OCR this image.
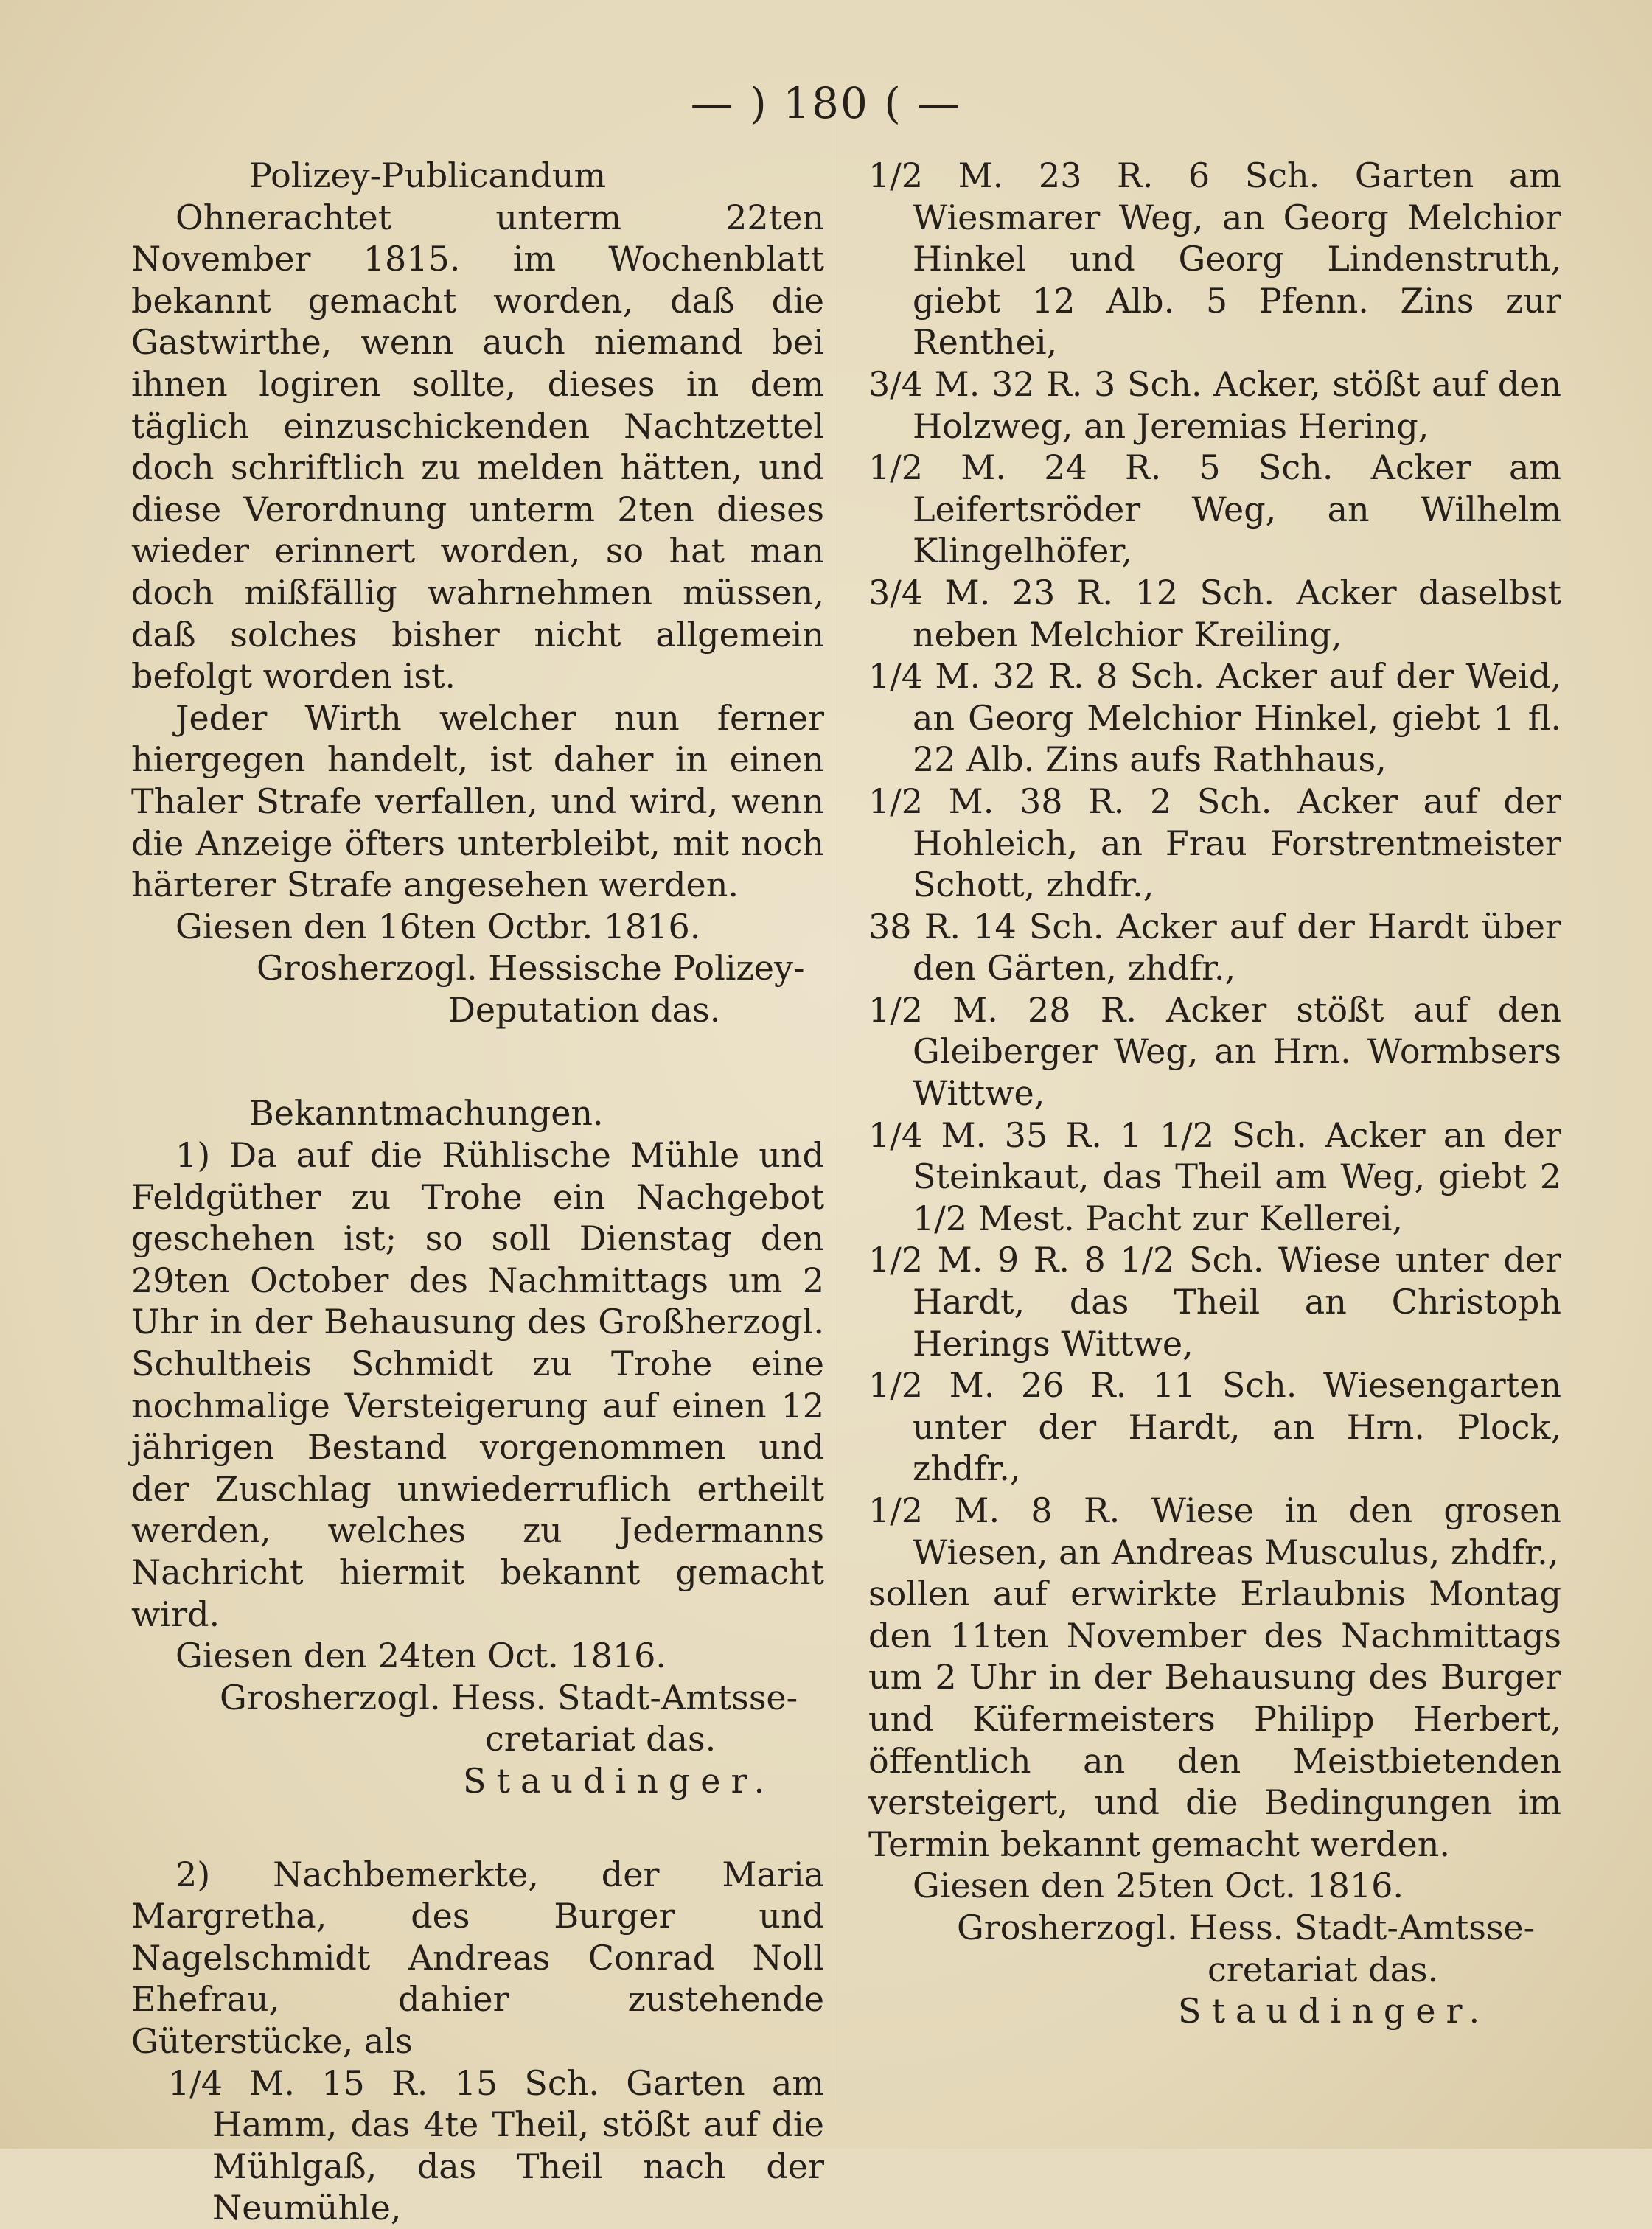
— ) 180 ( —

Polizey-Publicandum

Ohnerachtet unterm 22ten November 1815. im Wochenblatt bekannt gemacht worden, daß die Gastwirthe, wenn auch niemand bei ihnen logiren sollte, dieses in dem täglich einzuschickenden Nachtzettel doch schriftlich zu melden hätten, und diese Verordnung unterm 2ten dieses wieder erinnert worden, so hat man doch mißfällig wahrnehmen müssen, daß solches bisher nicht allgemein befolgt worden ist.

Jeder Wirth welcher nun ferner hiergegen handelt, ist daher in einen Thaler Strafe verfallen, und wird, wenn die Anzeige öfters unterbleibt, mit noch härterer Strafe angesehen werden.

Giesen den 16ten Octbr. 1816.

Grosherzogl. Hessische Polizey-

Deputation das.

Bekanntmachungen.

1) Da auf die Rühlische Mühle und Feldgüther zu Trohe ein Nachgebot geschehen ist; so soll Dienstag den 29ten October des Nachmittags um 2 Uhr in der Behausung des Großherzogl. Schultheis Schmidt zu Trohe eine nochmalige Versteigerung auf einen 12 jährigen Bestand vorgenommen und der Zuschlag unwiederruflich ertheilt werden, welches zu Jedermanns Nachricht hiermit bekannt gemacht wird.

Giesen den 24ten Oct. 1816.

Grosherzogl. Hess. Stadt-Amtsse-

cretariat das.

Staudinger.

2) Nachbemerkte, der Maria Margretha, des Burger und Nagelschmidt Andreas Conrad Noll Ehefrau, dahier zustehende Güterstücke, als

1/4 M. 15 R. 15 Sch. Garten am Hamm, das 4te Theil, stößt auf die Mühlgaß, das Theil nach der Neumühle,

1/2 M. 23 R. 6 Sch. Garten am Wiesmarer Weg, an Georg Melchior Hinkel und Georg Lindenstruth, giebt 12 Alb. 5 Pfenn. Zins zur Renthei,

3/4 M. 32 R. 3 Sch. Acker, stößt auf den Holzweg, an Jeremias Hering,

1/2 M. 24 R. 5 Sch. Acker am Leifertsröder Weg, an Wilhelm Klingelhöfer,

3/4 M. 23 R. 12 Sch. Acker daselbst neben Melchior Kreiling,

1/4 M. 32 R. 8 Sch. Acker auf der Weid, an Georg Melchior Hinkel, giebt 1 fl. 22 Alb. Zins aufs Rathhaus,

1/2 M. 38 R. 2 Sch. Acker auf der Hohleich, an Frau Forstrentmeister Schott, zhdfr.,

38 R. 14 Sch. Acker auf der Hardt über den Gärten, zhdfr.,

1/2 M. 28 R. Acker stößt auf den Gleiberger Weg, an Hrn. Wormbsers Wittwe,

1/4 M. 35 R. 1 1/2 Sch. Acker an der Steinkaut, das Theil am Weg, giebt 2 1/2 Mest. Pacht zur Kellerei,

1/2 M. 9 R. 8 1/2 Sch. Wiese unter der Hardt, das Theil an Christoph Herings Wittwe,

1/2 M. 26 R. 11 Sch. Wiesengarten unter der Hardt, an Hrn. Plock, zhdfr.,

1/2 M. 8 R. Wiese in den grosen Wiesen, an Andreas Musculus, zhdfr.,

sollen auf erwirkte Erlaubnis Montag den 11ten November des Nachmittags um 2 Uhr in der Behausung des Burger und Küfermeisters Philipp Herbert, öffentlich an den Meistbietenden versteigert, und die Bedingungen im Termin bekannt gemacht werden.

Giesen den 25ten Oct. 1816.

Grosherzogl. Hess. Stadt-Amtsse-

cretariat das.

Staudinger.
